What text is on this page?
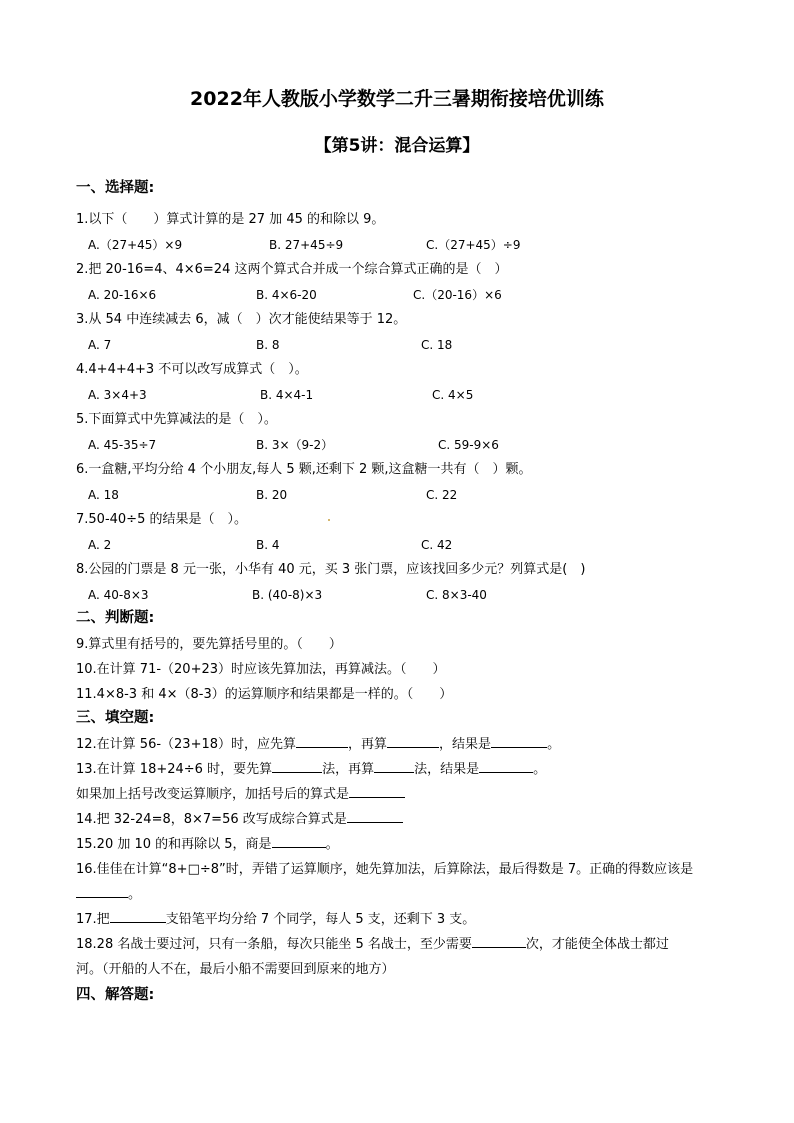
2022年人教版小学数学二升三暑期衔接培优训练
【第5讲：混合运算】
一、选择题:
1.以下（　　）算式计算的是 27 加 45 的和除以 9。
A.（27+45）×9	B. 27+45÷9	C.（27+45）÷9
2.把 20-16=4、4×6=24 这两个算式合并成一个综合算式正确的是（　）
A. 20-16×6	B. 4×6-20	C.（20-16）×6
3.从 54 中连续减去 6，减（　）次才能使结果等于 12。
A. 7	B. 8	C. 18
4.4+4+4+3 不可以改写成算式（　）。
A. 3×4+3	B. 4×4-1	C. 4×5
5.下面算式中先算减法的是（　）。
A. 45-35÷7	B. 3×（9-2）	C. 59-9×6
6.一盒糖,平均分给 4 个小朋友,每人 5 颗,还剩下 2 颗,这盒糖一共有（　）颗。
A. 18	B. 20	C. 22
7.50-40÷5 的结果是（　）。
A. 2	B. 4	C. 42
8.公园的门票是 8 元一张，小华有 40 元，买 3 张门票，应该找回多少元？列算式是(　)
A. 40-8×3	B. (40-8)×3	C. 8×3-40
二、判断题:
9.算式里有括号的，要先算括号里的。（　　）
10.在计算 71-（20+23）时应该先算加法，再算减法。（　　）
11.4×8-3 和 4×（8-3）的运算顺序和结果都是一样的。（　　）
三、填空题:
12.在计算 56-（23+18）时，应先算	，再算	，结果是	。
13.在计算 18+24÷6 时，要先算	法，再算	法，结果是	。
如果加上括号改变运算顺序，加括号后的算式是
14.把 32-24=8，8×7=56 改写成综合算式是
15.20 加 10 的和再除以 5，商是	。
16.佳佳在计算“8+□÷8”时，弄错了运算顺序，她先算加法，后算除法，最后得数是 7。正确的得数应该是
。
17.把	支铅笔平均分给 7 个同学，每人 5 支，还剩下 3 支。
18.28 名战士要过河，只有一条船，每次只能坐 5 名战士，至少需要	次，才能使全体战士都过
河。（开船的人不在，最后小船不需要回到原来的地方）
四、解答题:
